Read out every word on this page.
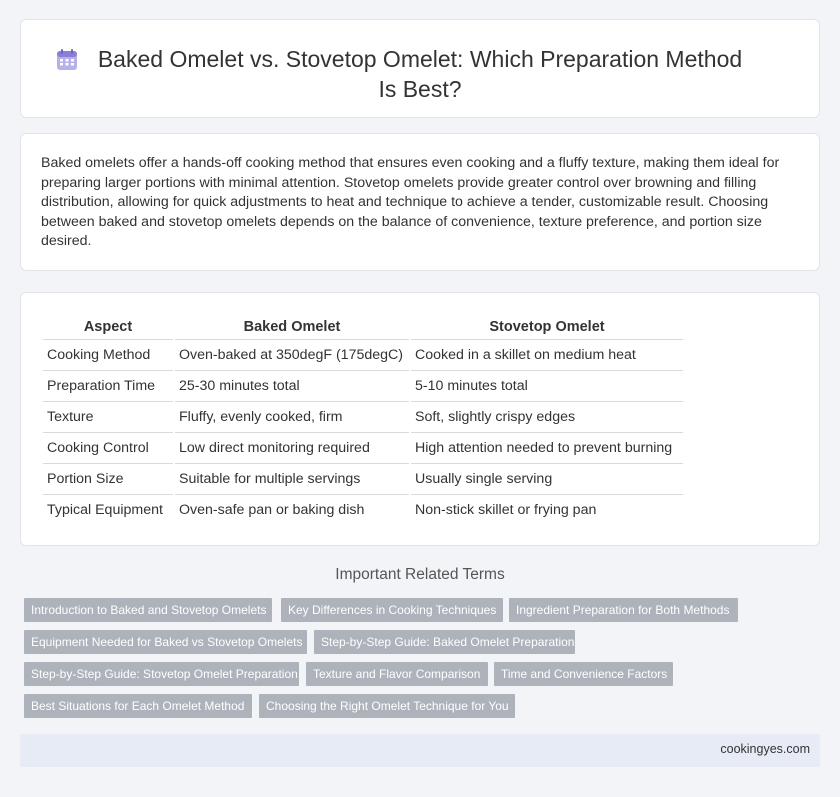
Baked Omelet vs. Stovetop Omelet: Which Preparation Method Is Best?
Baked omelets offer a hands-off cooking method that ensures even cooking and a fluffy texture, making them ideal for preparing larger portions with minimal attention. Stovetop omelets provide greater control over browning and filling distribution, allowing for quick adjustments to heat and technique to achieve a tender, customizable result. Choosing between baked and stovetop omelets depends on the balance of convenience, texture preference, and portion size desired.
Aspect	Baked Omelet	Stovetop Omelet
Cooking Method	Oven-baked at 350degF (175degC)	Cooked in a skillet on medium heat
Preparation Time	25-30 minutes total	5-10 minutes total
Texture	Fluffy, evenly cooked, firm	Soft, slightly crispy edges
Cooking Control	Low direct monitoring required	High attention needed to prevent burning
Portion Size	Suitable for multiple servings	Usually single serving
Typical Equipment	Oven-safe pan or baking dish	Non-stick skillet or frying pan
Important Related Terms
Introduction to Baked and Stovetop Omelets	Key Differences in Cooking Techniques	Ingredient Preparation for Both Methods
Equipment Needed for Baked vs Stovetop Omelets	Step-by-Step Guide: Baked Omelet Preparation
Step-by-Step Guide: Stovetop Omelet Preparation	Texture and Flavor Comparison	Time and Convenience Factors
Best Situations for Each Omelet Method	Choosing the Right Omelet Technique for You
cookingyes.com
